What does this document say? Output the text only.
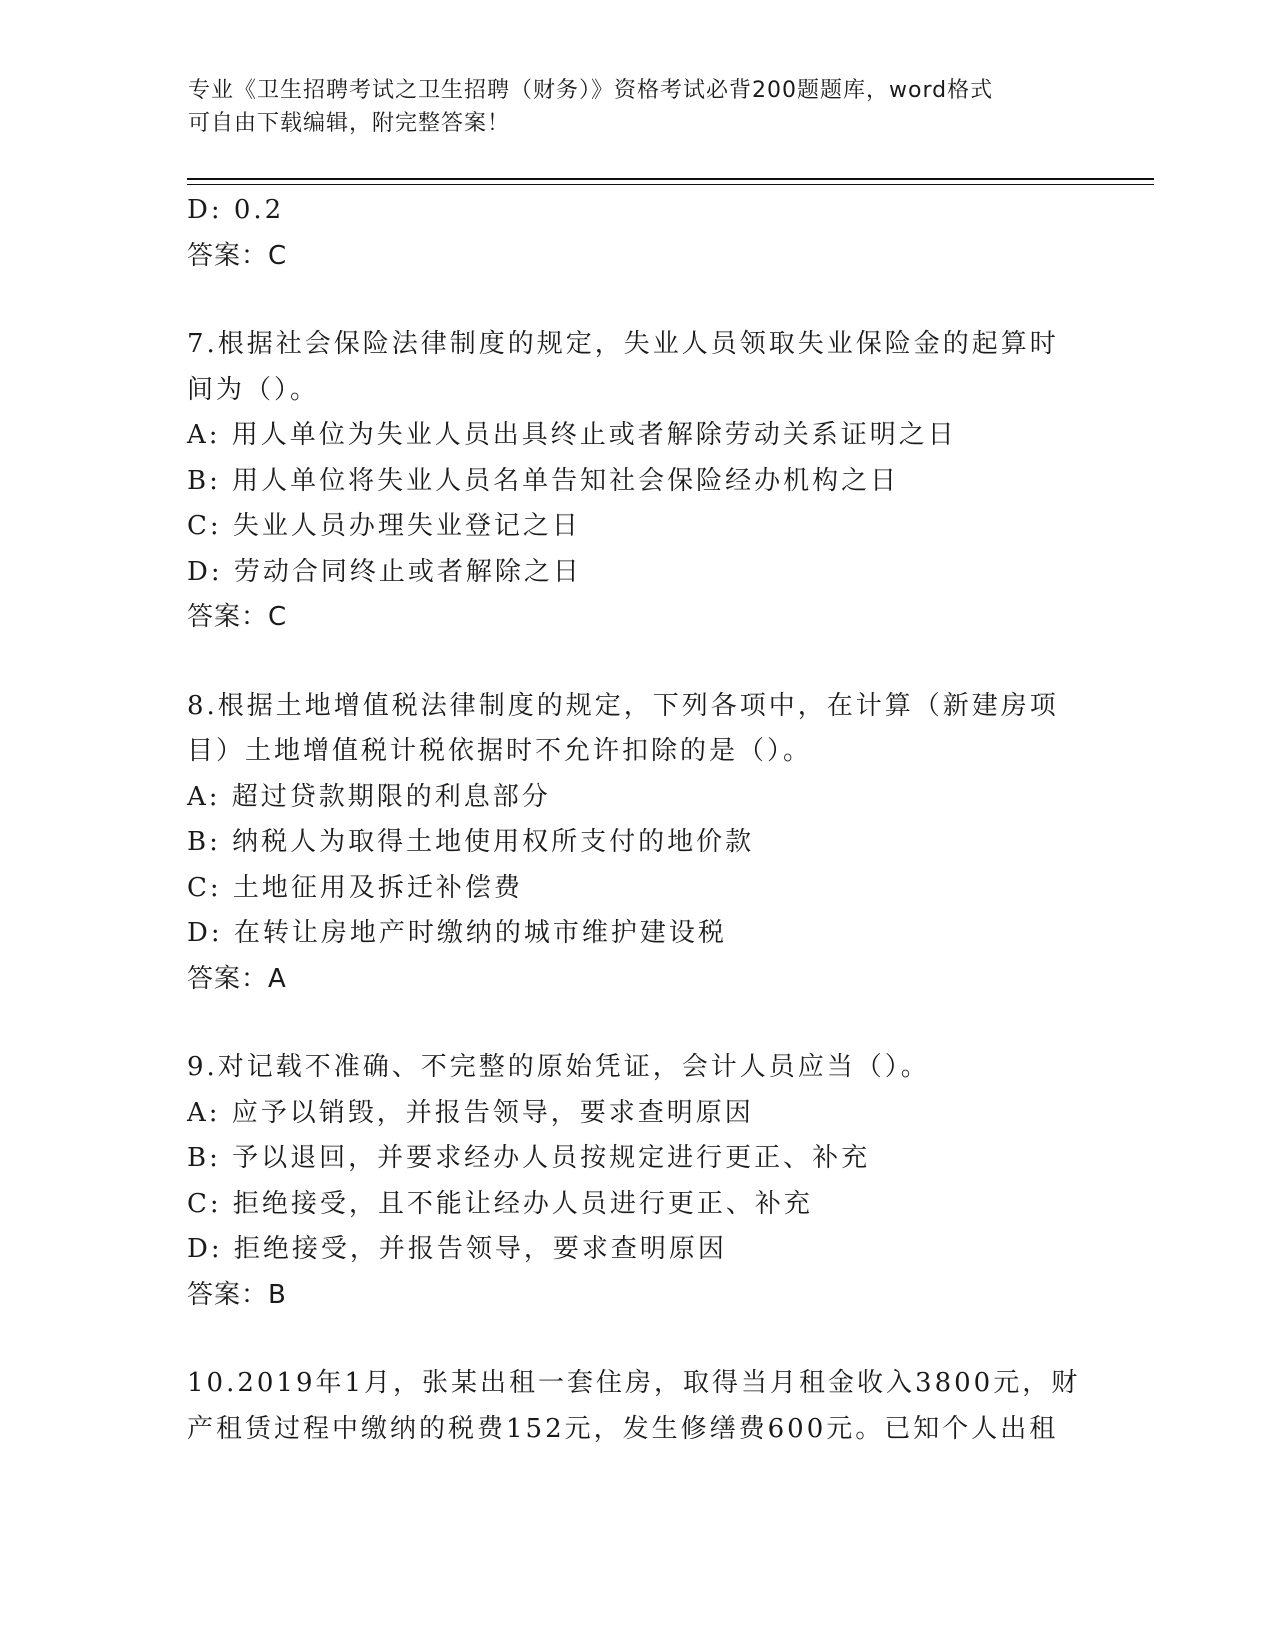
专业《卫生招聘考试之卫生招聘（财务）》资格考试必背200题题库，word格式
可自由下载编辑，附完整答案！
D: 0.2
答案：C
7.根据社会保险法律制度的规定，失业人员领取失业保险金的起算时
间为（）。
A: 用人单位为失业人员出具终止或者解除劳动关系证明之日
B: 用人单位将失业人员名单告知社会保险经办机构之日
C: 失业人员办理失业登记之日
D: 劳动合同终止或者解除之日
答案：C
8.根据土地增值税法律制度的规定，下列各项中，在计算（新建房项
目）土地增值税计税依据时不允许扣除的是（）。
A: 超过贷款期限的利息部分
B: 纳税人为取得土地使用权所支付的地价款
C: 土地征用及拆迁补偿费
D: 在转让房地产时缴纳的城市维护建设税
答案：A
9.对记载不准确、不完整的原始凭证，会计人员应当（）。
A: 应予以销毁，并报告领导，要求查明原因
B: 予以退回，并要求经办人员按规定进行更正、补充
C: 拒绝接受，且不能让经办人员进行更正、补充
D: 拒绝接受，并报告领导，要求查明原因
答案：B
10.2019年1月，张某出租一套住房，取得当月租金收入3800元，财
产租赁过程中缴纳的税费152元，发生修缮费600元。已知个人出租
